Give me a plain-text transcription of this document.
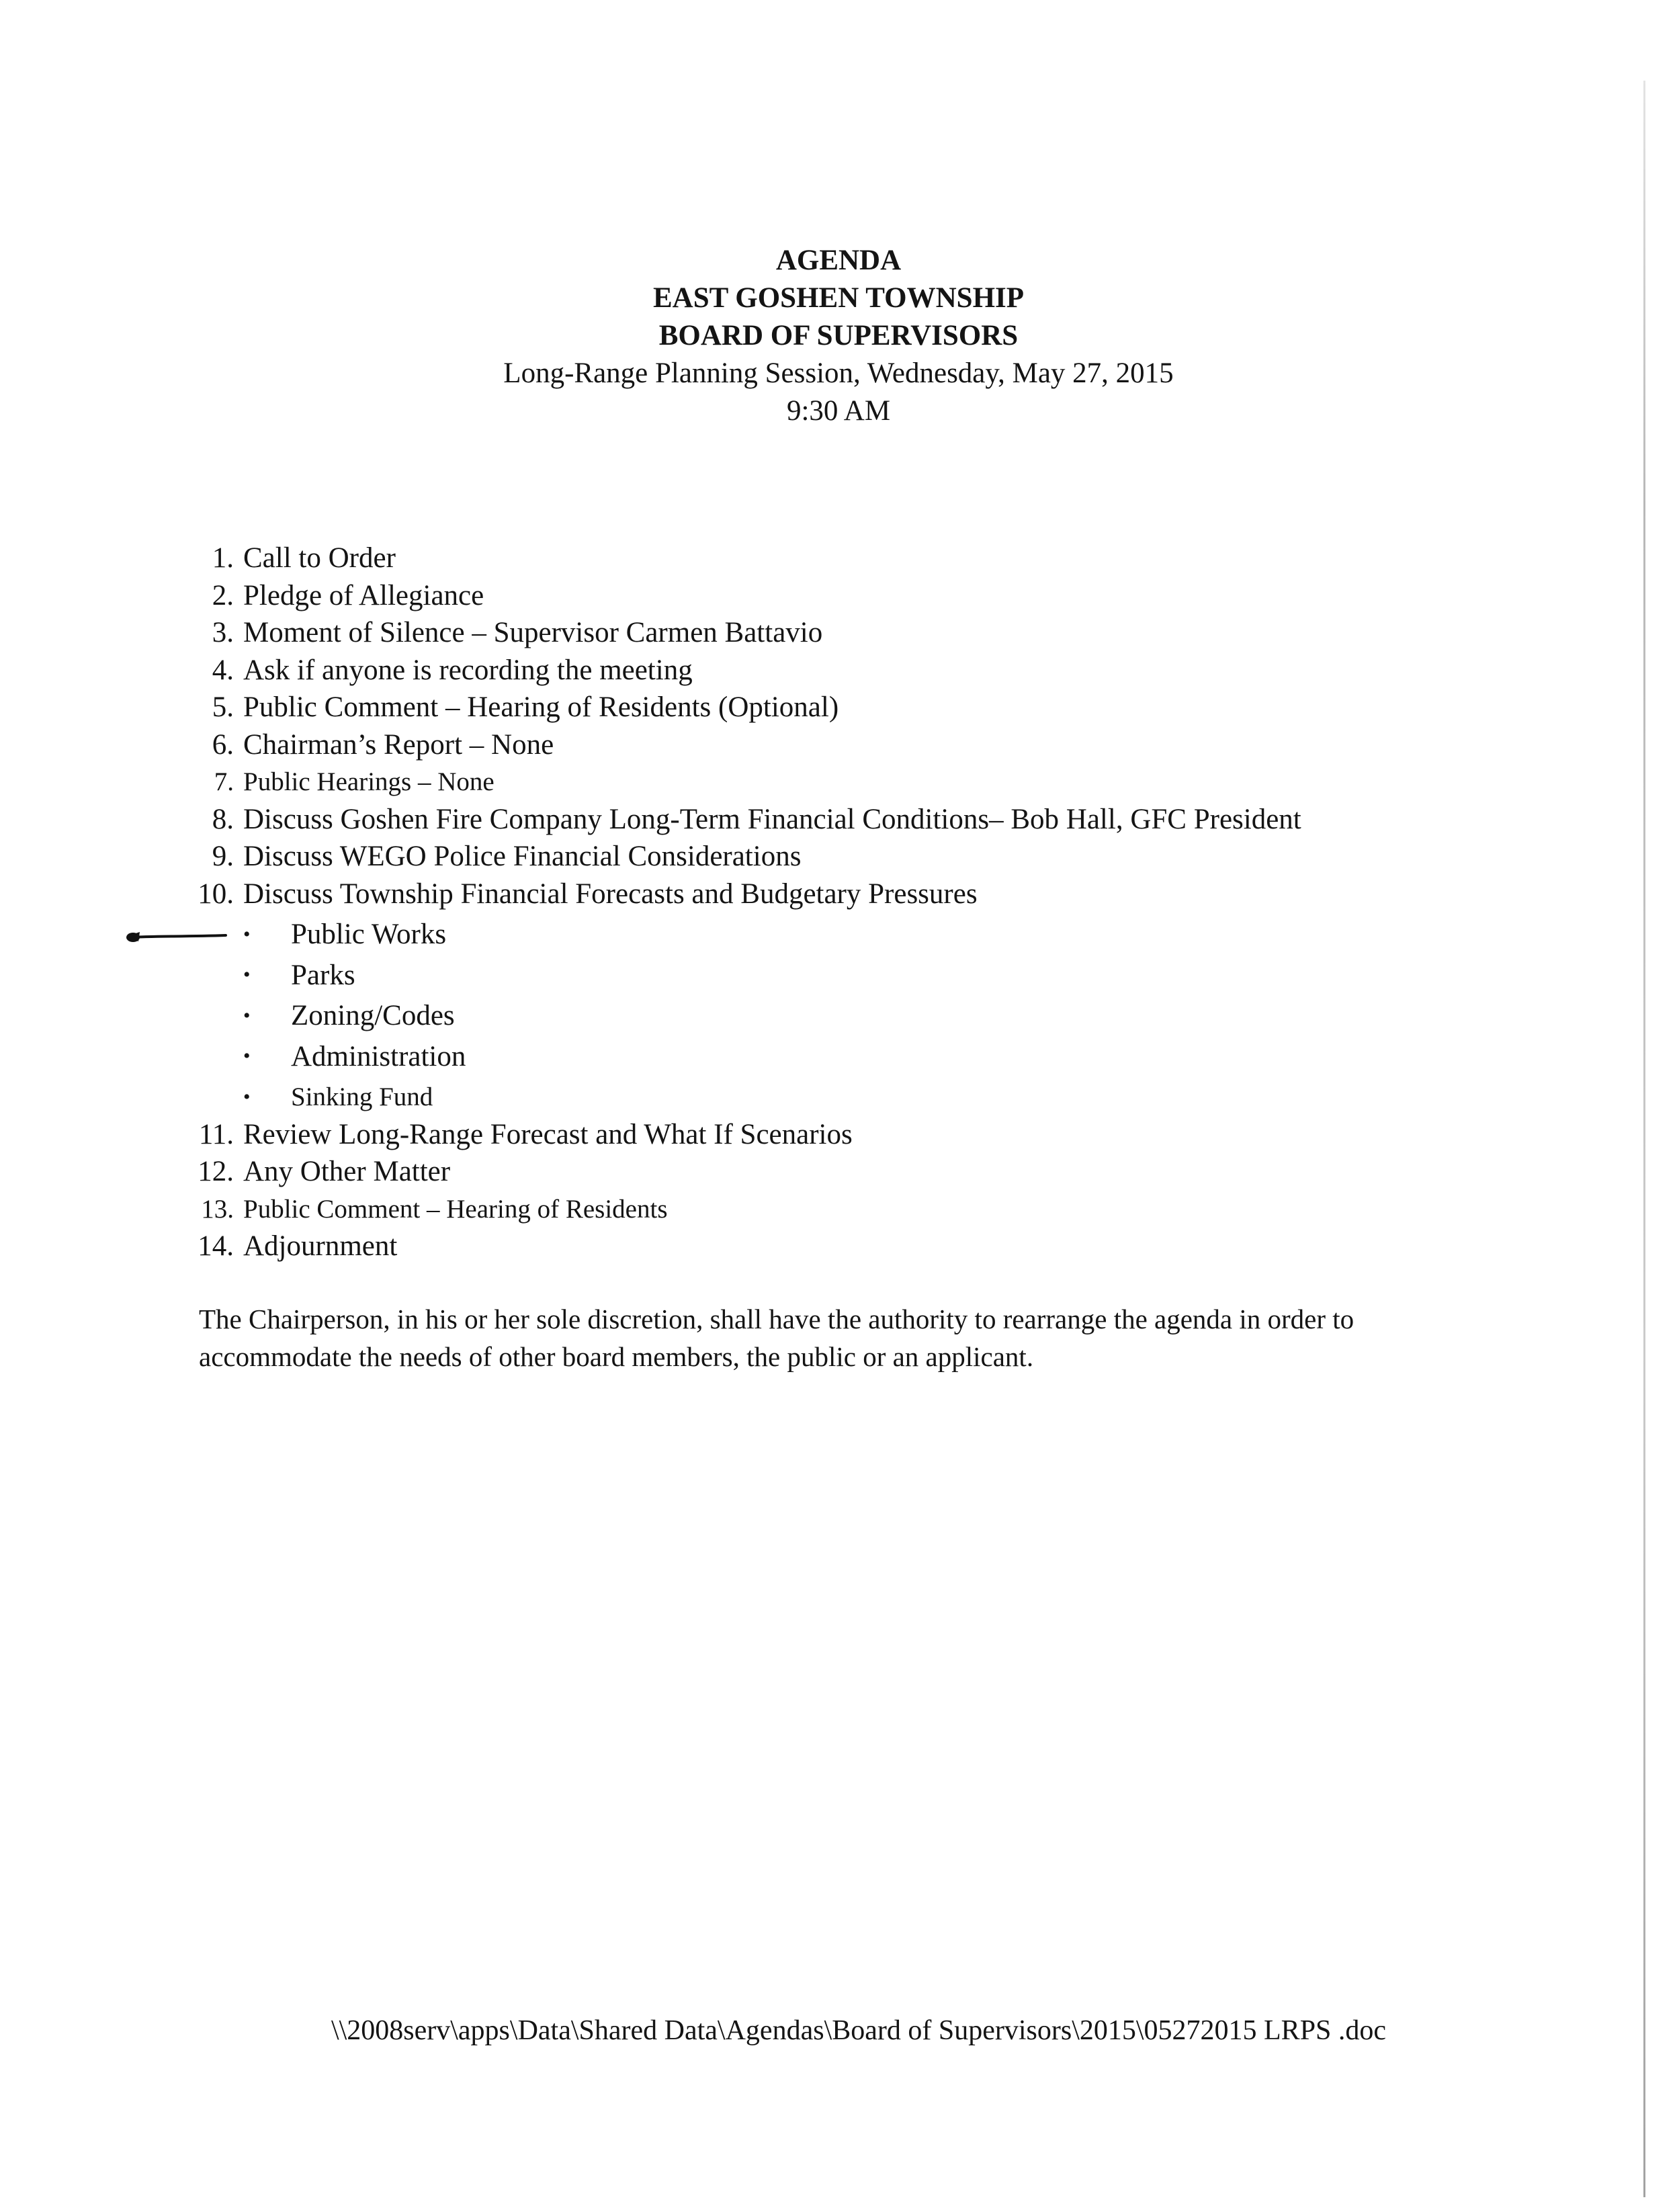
AGENDA
EAST GOSHEN TOWNSHIP
BOARD OF SUPERVISORS
Long-Range Planning Session, Wednesday, May 27, 2015
9:30 AM
1. Call to Order
2. Pledge of Allegiance
3. Moment of Silence – Supervisor Carmen Battavio
4. Ask if anyone is recording the meeting
5. Public Comment – Hearing of Residents (Optional)
6. Chairman’s Report – None
7. Public Hearings – None
8. Discuss Goshen Fire Company Long-Term Financial Conditions– Bob Hall, GFC President
9. Discuss WEGO Police Financial Considerations
10. Discuss Township Financial Forecasts and Budgetary Pressures
• Public Works
• Parks
• Zoning/Codes
• Administration
• Sinking Fund
11. Review Long-Range Forecast and What If Scenarios
12. Any Other Matter
13. Public Comment – Hearing of Residents
14. Adjournment
The Chairperson, in his or her sole discretion, shall have the authority to rearrange the agenda in order to accommodate the needs of other board members, the public or an applicant.
\\2008serv\apps\Data\Shared Data\Agendas\Board of Supervisors\2015\05272015 LRPS .doc
